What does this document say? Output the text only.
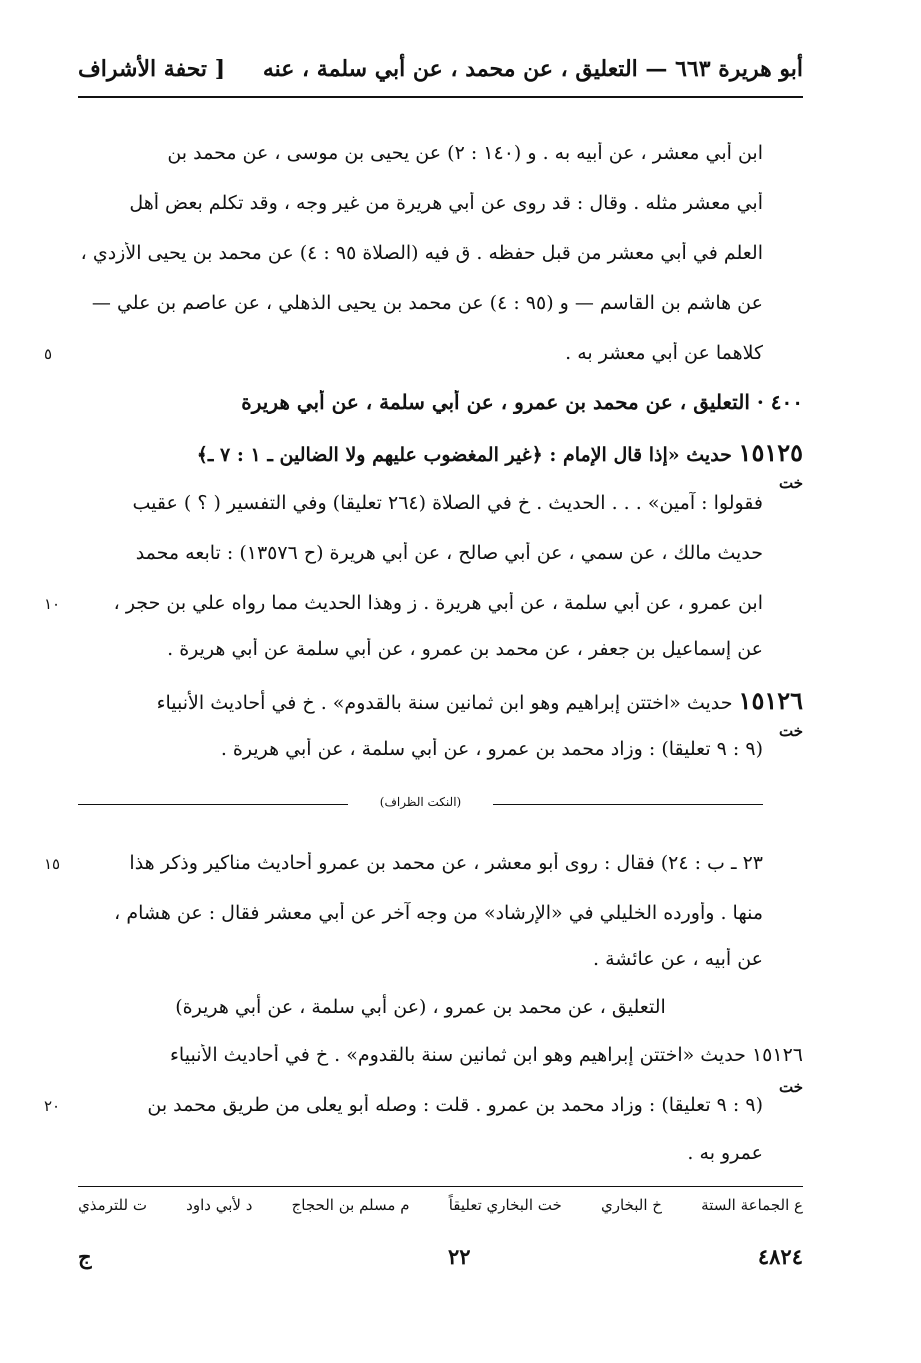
أبو هريرة ٦٦٣ — التعليق ، عن محمد ، عن أبي سلمة ، عنه
[ تحفة الأشراف
ابن أبي معشر ، عن أبيه به . و (١٤٠ : ٢) عن يحيى بن موسى ، عن محمد بن
أبي معشر مثله . وقال : قد روى عن أبي هريرة من غير وجه ، وقد تكلم بعض أهل
العلم في أبي معشر من قبل حفظه . ق فيه (الصلاة ٩٥ : ٤) عن محمد بن يحيى الأزدي ،
عن هاشم بن القاسم — و (٩٥ : ٤) عن محمد بن يحيى الذهلي ، عن عاصم بن علي —
كلاهما عن أبي معشر به .
٥
٤٠٠ · التعليق ، عن محمد بن عمرو ، عن أبي سلمة ، عن أبي هريرة
١٥١٢٥ حديث «إذا قال الإمام : ﴿غير المغضوب عليهم ولا الضالين ـ ١ : ٧ ـ﴾
خت
فقولوا : آمين» . . . الحديث . خ في الصلاة (٢٦٤ تعليقا) وفي التفسير ( ؟ ) عقيب
حديث مالك ، عن سمي ، عن أبي صالح ، عن أبي هريرة (ح ١٣٥٧٦) : تابعه محمد
ابن عمرو ، عن أبي سلمة ، عن أبي هريرة . ز وهذا الحديث مما رواه علي بن حجر ،
١٠
عن إسماعيل بن جعفر ، عن محمد بن عمرو ، عن أبي سلمة عن أبي هريرة .
١٥١٢٦ حديث «اختتن إبراهيم وهو ابن ثمانين سنة بالقدوم» . خ في أحاديث الأنبياء
خت
(٩ : ٩ تعليقا) : وزاد محمد بن عمرو ، عن أبي سلمة ، عن أبي هريرة .
(النكت الظراف)
٢٣ ـ ب : ٢٤) فقال : روى أبو معشر ، عن محمد بن عمرو أحاديث مناكير وذكر هذا
١٥
منها . وأورده الخليلي في «الإرشاد» من وجه آخر عن أبي معشر فقال : عن هشام ،
عن أبيه ، عن عائشة .
التعليق ، عن محمد بن عمرو ، (عن أبي سلمة ، عن أبي هريرة)
١٥١٢٦ حديث «اختتن إبراهيم وهو ابن ثمانين سنة بالقدوم» . خ في أحاديث الأنبياء
خت
(٩ : ٩ تعليقا) : وزاد محمد بن عمرو . قلت : وصله أبو يعلى من طريق محمد بن
٢٠
عمرو به .
ع الجماعة الستة
خ البخاري
خت البخاري تعليقاً
م مسلم بن الحجاج
د لأبي داود
ت للترمذي
٤٨٢٤
٢٢
ج
